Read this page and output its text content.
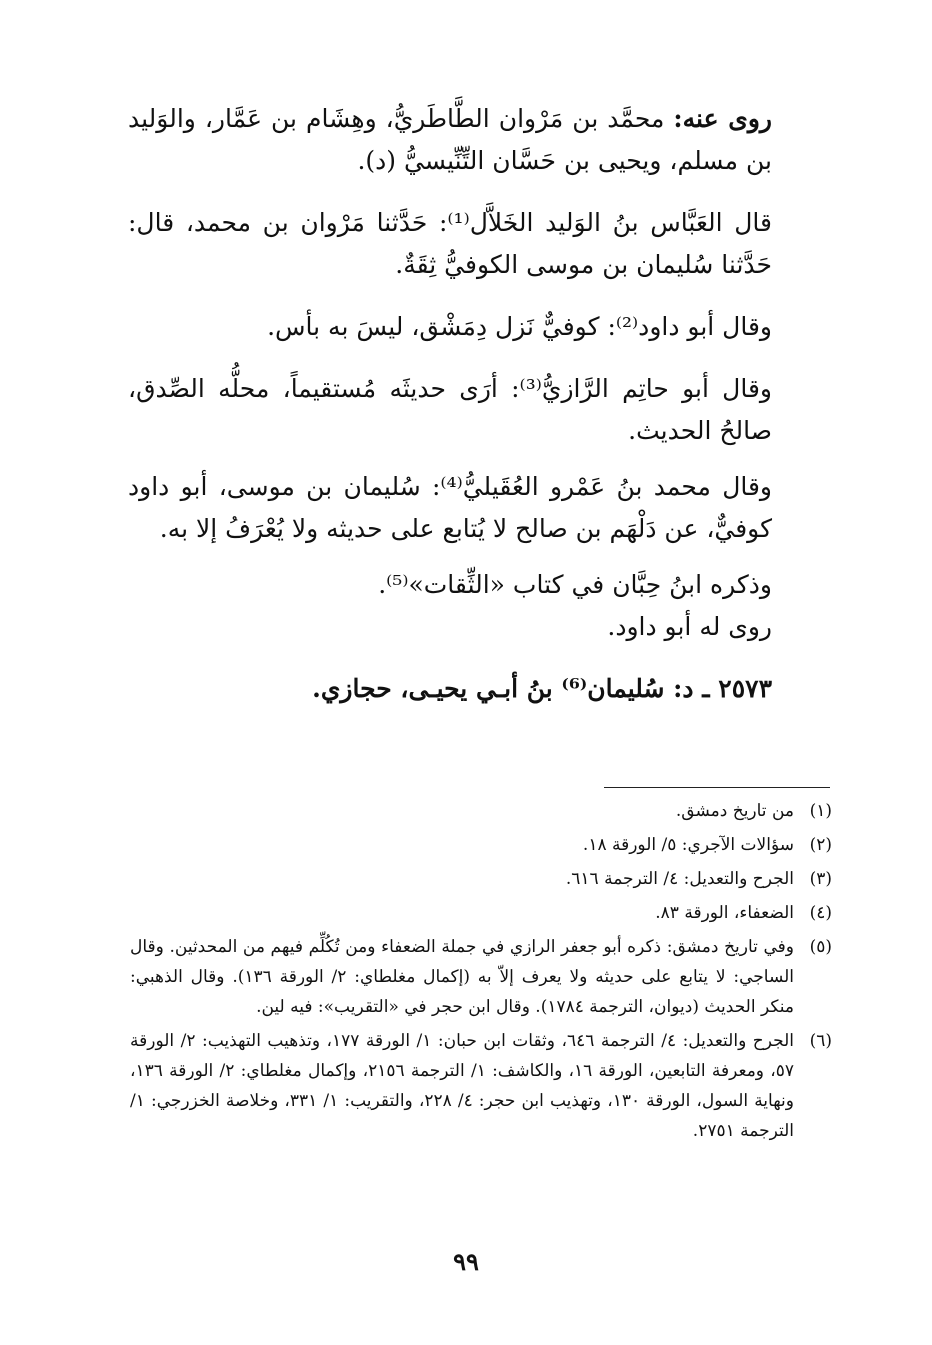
روى عنه: محمَّد بن مَرْوان الطَّاطَريُّ، وهِشَام بن عَمَّار، والوَليد بن مسلم، ويحيى بن حَسَّان التِّنِّيسيُّ (د).

قال العَبَّاس بنُ الوَليد الخَلاَّل⁽¹⁾: حَدَّثنا مَرْوان بن محمد، قال: حَدَّثنا سُليمان بن موسى الكوفيُّ ثِقَةٌ.

وقال أبو داود⁽²⁾: كوفيٌّ نَزل دِمَشْق، ليسَ به بأس.

وقال أبو حاتِم الرَّازيُّ⁽³⁾: أرَى حديثَه مُستقيماً، محلُّه الصِّدق، صالحُ الحديث.

وقال محمد بنُ عَمْرو العُقَيليُّ⁽⁴⁾: سُليمان بن موسى، أبو داود كوفيٌّ، عن دَلْهَم بن صالح لا يُتابع على حديثه ولا يُعْرَفُ إلا به.

وذكره ابنُ حِبَّان في كتاب «الثِّقات»⁽⁵⁾.

روى له أبو داود.

٢٥٧٣ ـ د: سُليمان⁽⁶⁾ بنُ أبـي يحيـى، حجازي.

(١)
من تاريخ دمشق.
(٢)
سؤالات الآجري: ٥/ الورقة ١٨.
(٣)
الجرح والتعديل: ٤/ الترجمة ٦١٦.
(٤)
الضعفاء، الورقة ٨٣.
(٥)
وفي تاريخ دمشق: ذكره أبو جعفر الرازي في جملة الضعفاء ومن تُكُلِّم فيهم من المحدثين. وقال الساجي: لا يتابع على حديثه ولا يعرف إلاّ به (إكمال مغلطاي: ٢/ الورقة ١٣٦). وقال الذهبي: منكر الحديث (ديوان، الترجمة ١٧٨٤). وقال ابن حجر في «التقريب»: فيه لين.
(٦)
الجرح والتعديل: ٤/ الترجمة ٦٤٦، وثقات ابن حبان: ١/ الورقة ١٧٧، وتذهيب التهذيب: ٢/ الورقة ٥٧، ومعرفة التابعين، الورقة ١٦، والكاشف: ١/ الترجمة ٢١٥٦، وإكمال مغلطاي: ٢/ الورقة ١٣٦، ونهاية السول، الورقة ١٣٠، وتهذيب ابن حجر: ٤/ ٢٢٨، والتقريب: ١/ ٣٣١، وخلاصة الخزرجي: ١/ الترجمة ٢٧٥١.
٩٩
